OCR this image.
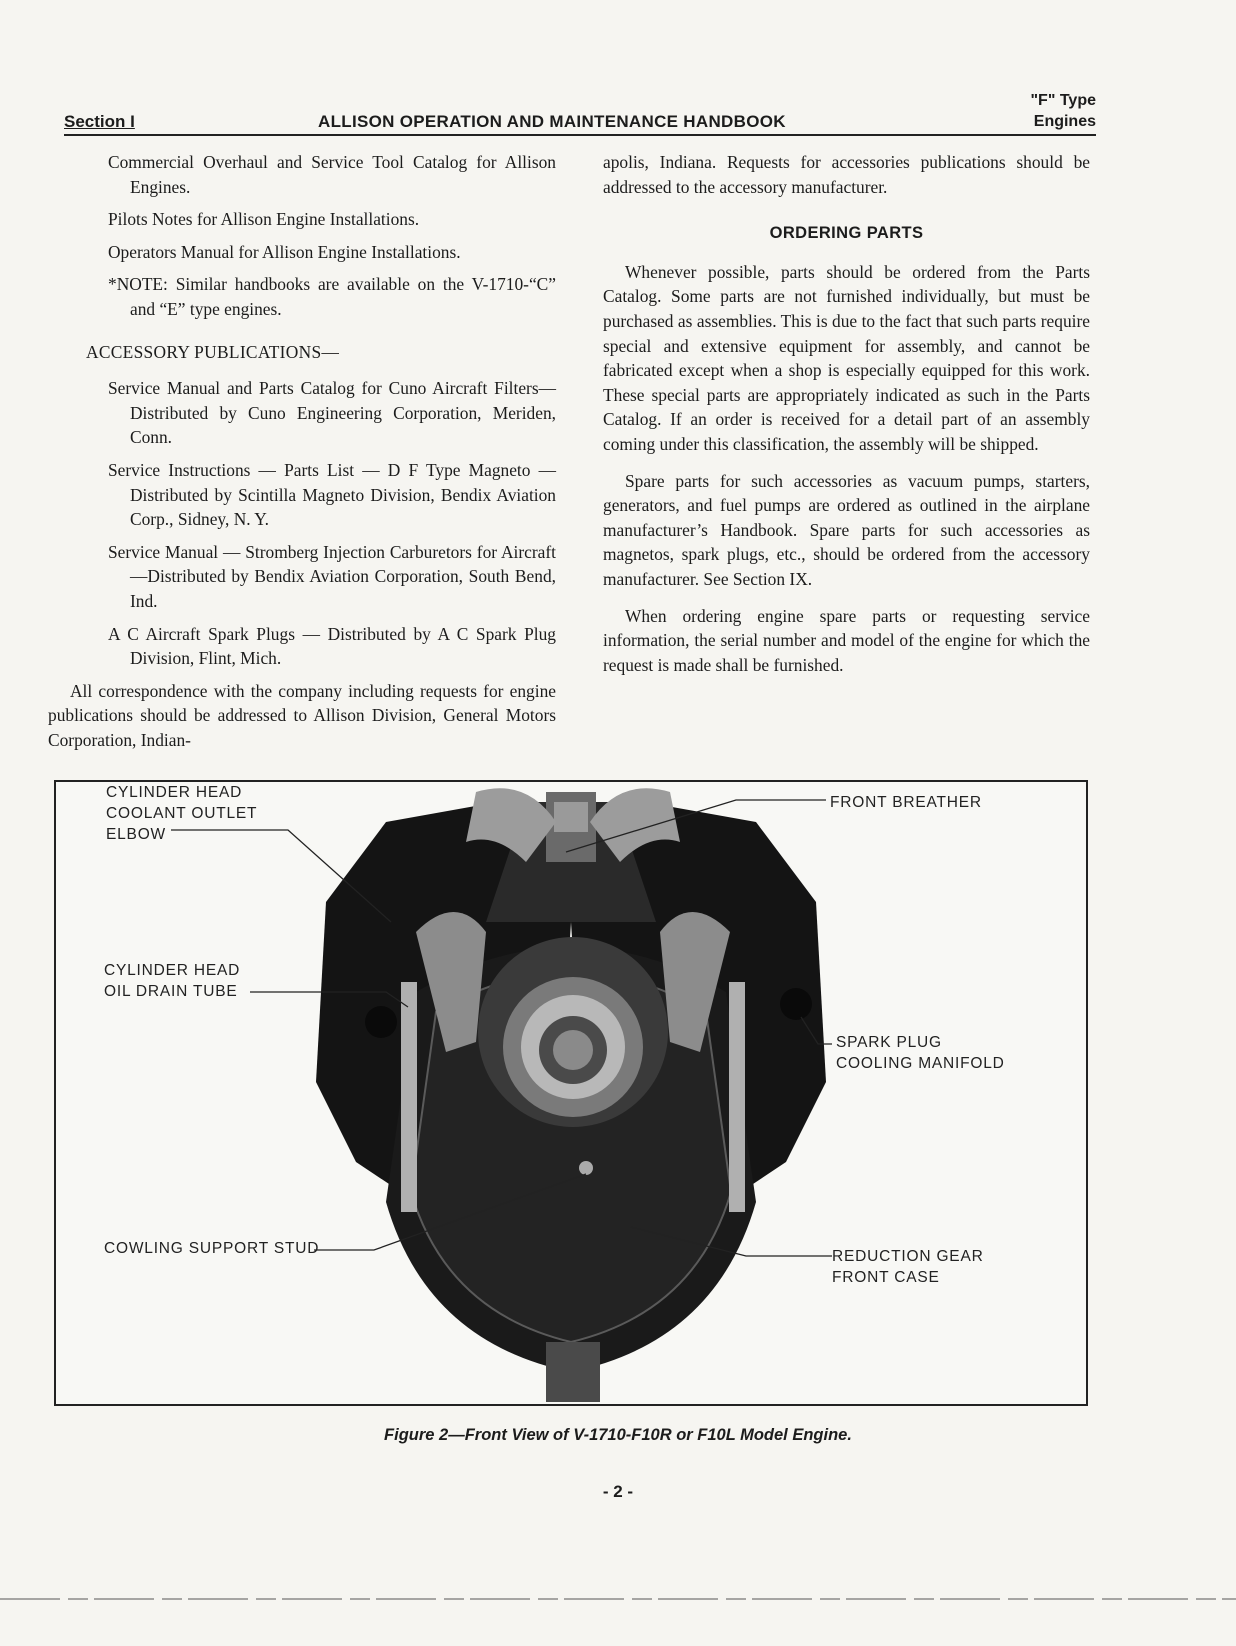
Section I	ALLISON OPERATION AND MAINTENANCE HANDBOOK
"F" Type
Engines

Commercial Overhaul and Service Tool Catalog for Allison Engines.

Pilots Notes for Allison Engine Installations.

Operators Manual for Allison Engine Installations.

*NOTE: Similar handbooks are available on the V-1710-“C” and “E” type engines.

ACCESSORY PUBLICATIONS—

Service Manual and Parts Catalog for Cuno Aircraft Filters—Distributed by Cuno Engineering Corporation, Meriden, Conn.

Service Instructions — Parts List — D F Type Magneto — Distributed by Scintilla Magneto Division, Bendix Aviation Corp., Sidney, N. Y.

Service Manual — Stromberg Injection Carburetors for Aircraft—Distributed by Bendix Aviation Corporation, South Bend, Ind.

A C Aircraft Spark Plugs — Distributed by A C Spark Plug Division, Flint, Mich.

All correspondence with the company including requests for engine publications should be addressed to Allison Division, General Motors Corporation, Indian-

apolis, Indiana. Requests for accessories publications should be addressed to the accessory manufacturer.

ORDERING PARTS

Whenever possible, parts should be ordered from the Parts Catalog. Some parts are not furnished individually, but must be purchased as assemblies. This is due to the fact that such parts require special and extensive equipment for assembly, and cannot be fabricated except when a shop is especially equipped for this work. These special parts are appropriately indicated as such in the Parts Catalog. If an order is received for a detail part of an assembly coming under this classification, the assembly will be shipped.

Spare parts for such accessories as vacuum pumps, starters, generators, and fuel pumps are ordered as outlined in the airplane manufacturer’s Handbook. Spare parts for such accessories as magnetos, spark plugs, etc., should be ordered from the accessory manufacturer. See Section IX.

When ordering engine spare parts or requesting service information, the serial number and model of the engine for which the request is made shall be furnished.

CYLINDER HEAD
COOLANT OUTLET
ELBOW
FRONT BREATHER
CYLINDER HEAD
OIL DRAIN TUBE
SPARK PLUG
COOLING MANIFOLD
COWLING SUPPORT STUD	REDUCTION GEAR
FRONT CASE
Figure 2—Front View of V-1710-F10R or F10L Model Engine.
- 2 -
